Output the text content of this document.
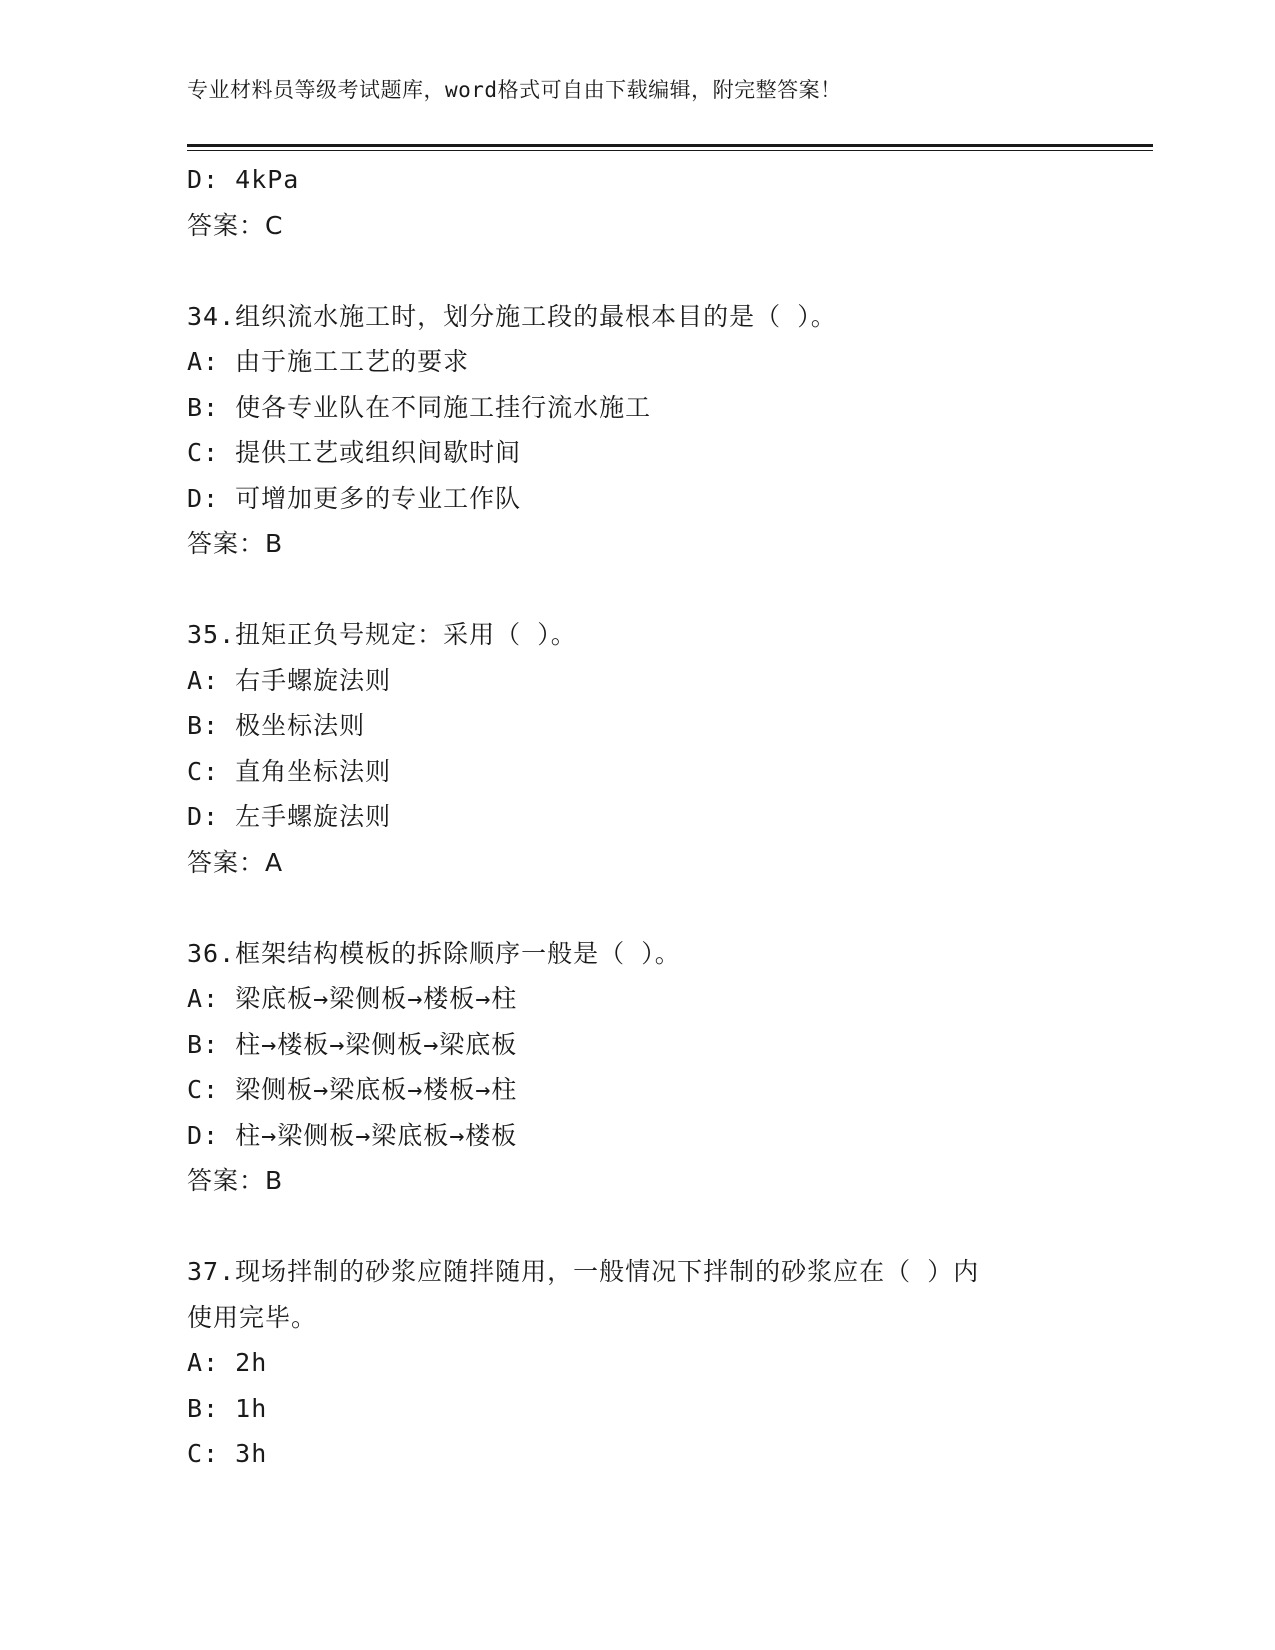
专业材料员等级考试题库，word格式可自由下载编辑，附完整答案！
D: 4kPa
答案：C
34.组织流水施工时，划分施工段的最根本目的是（ ）。
A: 由于施工工艺的要求
B: 使各专业队在不同施工挂行流水施工
C: 提供工艺或组织间歇时间
D: 可增加更多的专业工作队
答案：B
35.扭矩正负号规定：采用（ ）。
A: 右手螺旋法则
B: 极坐标法则
C: 直角坐标法则
D: 左手螺旋法则
答案：A
36.框架结构模板的拆除顺序一般是（ ）。
A: 梁底板→梁侧板→楼板→柱
B: 柱→楼板→梁侧板→梁底板
C: 梁侧板→梁底板→楼板→柱
D: 柱→梁侧板→梁底板→楼板
答案：B
37.现场拌制的砂浆应随拌随用，一般情况下拌制的砂浆应在（ ）内
使用完毕。
A: 2h
B: 1h
C: 3h
